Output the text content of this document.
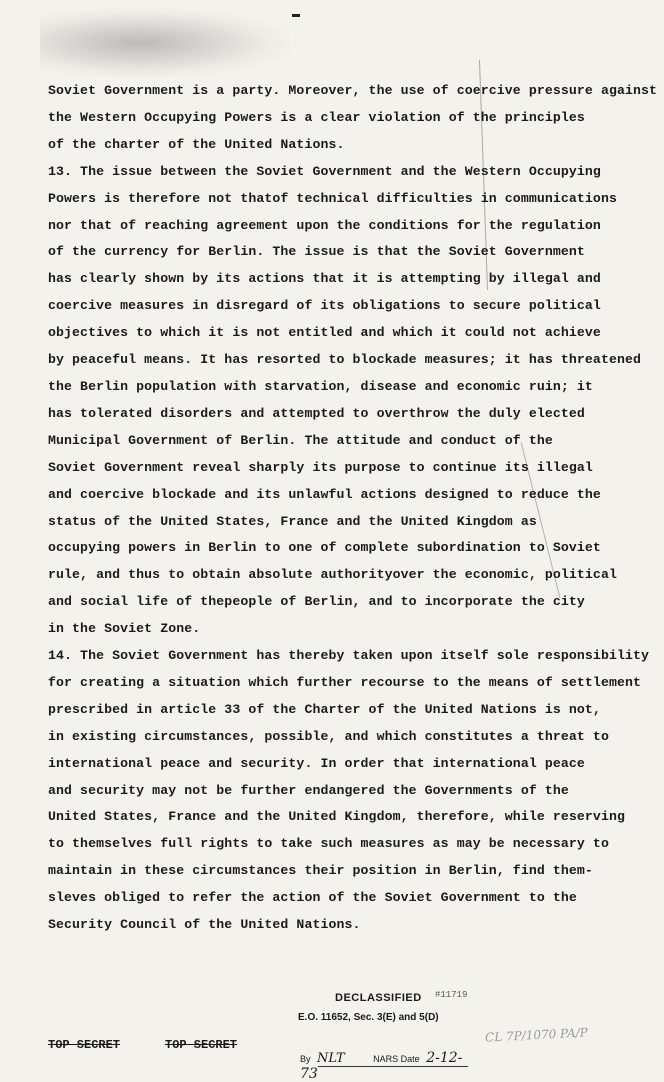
Soviet Government is a party. Moreover, the use of coercive pressure against
the Western Occupying Powers is a clear violation of the principles
of the charter of the United Nations.
13. The issue between the Soviet Government and the Western Occupying
Powers is therefore not thatof technical difficulties in communications
nor that of reaching agreement upon the conditions for the regulation
of the currency for Berlin. The issue is that the Soviet Government
has clearly shown by its actions that it is attempting by illegal and
coercive measures in disregard of its obligations to secure political
objectives to which it is not entitled and which it could not achieve
by peaceful means. It has resorted to blockade measures; it has threatened
the Berlin population with starvation, disease and economic ruin; it
has tolerated disorders and attempted to overthrow the duly elected
Municipal Government of Berlin. The attitude and conduct of the
Soviet Government reveal sharply its purpose to continue its illegal
and coercive blockade and its unlawful actions designed to reduce the
status of the United States, France and the United Kingdom as
occupying powers in Berlin to one of complete subordination to Soviet
rule, and thus to obtain absolute authorityover the economic, political
and social life of thepeople of Berlin, and to incorporate the city
in the Soviet Zone.
14. The Soviet Government has thereby taken upon itself sole responsibility
for creating a situation which further recourse to the means of settlement
prescribed in article 33 of the Charter of the United Nations is not,
in existing circumstances, possible, and which constitutes a threat to
international peace and security. In order that international peace
and security may not be further endangered the Governments of the
United States, France and the United Kingdom, therefore, while reserving
to themselves full rights to take such measures as may be necessary to
maintain in these circumstances their position in Berlin, find them-
sleves obliged to refer the action of the Soviet Government to the
Security Council of the United Nations.
DECLASSIFIED #11719
E.O. 11652, Sec. 3(E) and 5(D)
TOP SECRET	TOP SECRET
CL 7P/1070 PA/P
By NLT	NARS Date 2-12-73
